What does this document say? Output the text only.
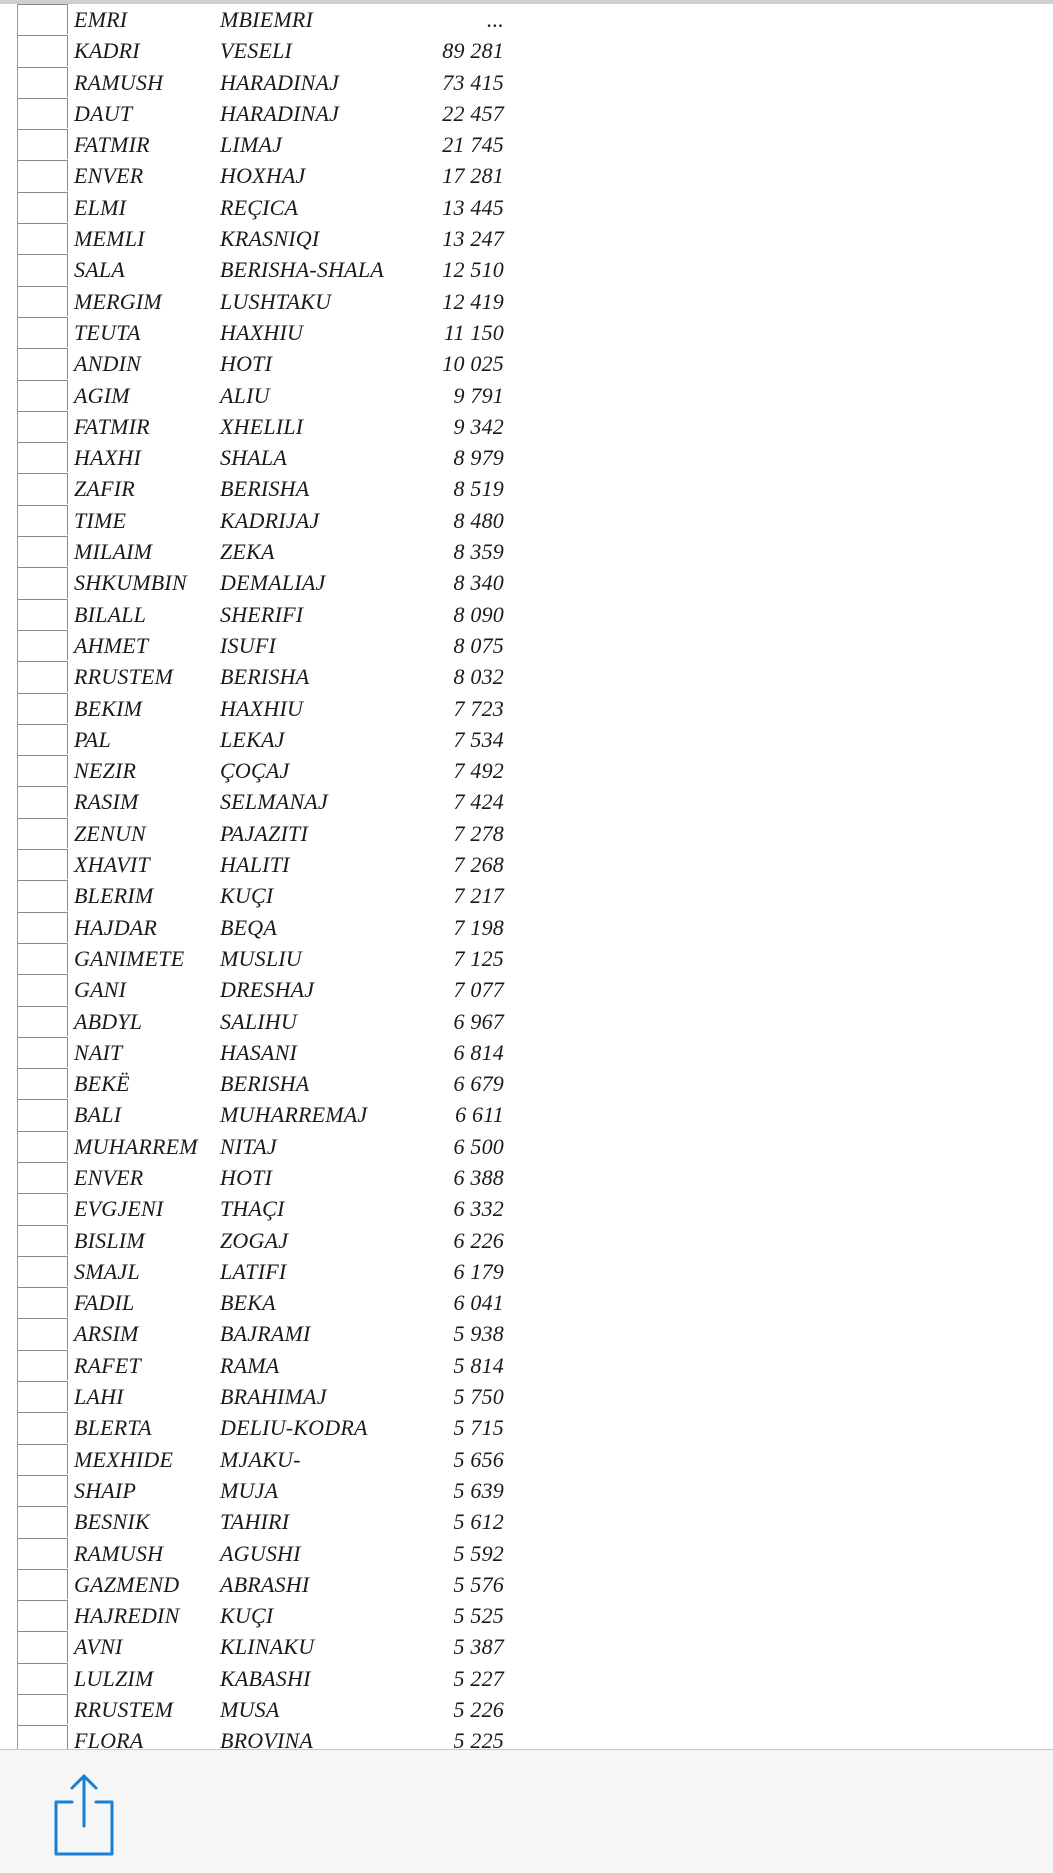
EMRI	MBIEMRI	...
KADRI	VESELI	89 281
RAMUSH	HARADINAJ	73 415
DAUT	HARADINAJ	22 457
FATMIR	LIMAJ	21 745
ENVER	HOXHAJ	17 281
ELMI	REÇICA	13 445
MEMLI	KRASNIQI	13 247
SALA	BERISHA-SHALA	12 510
MERGIM	LUSHTAKU	12 419
TEUTA	HAXHIU	11 150
ANDIN	HOTI	10 025
AGIM	ALIU	9 791
FATMIR	XHELILI	9 342
HAXHI	SHALA	8 979
ZAFIR	BERISHA	8 519
TIME	KADRIJAJ	8 480
MILAIM	ZEKA	8 359
SHKUMBIN DEMALIAJ	8 340
BILALL	SHERIFI	8 090
AHMET	ISUFI	8 075
RRUSTEM BERISHA	8 032
BEKIM	HAXHIU	7 723
PAL	LEKAJ	7 534
NEZIR	ÇOÇAJ	7 492
RASIM	SELMANAJ	7 424
ZENUN	PAJAZITI	7 278
XHAVIT	HALITI	7 268
BLERIM	KUÇI	7 217
HAJDAR	BEQA	7 198
GANIMETE MUSLIU	7 125
GANI	DRESHAJ	7 077
ABDYL	SALIHU	6 967
NAIT	HASANI	6 814
BEKË	BERISHA	6 679
BALI	MUHARREMAJ	6 611
MUHARREM NITAJ	6 500
ENVER	HOTI	6 388
EVGJENI	THAÇI	6 332
BISLIM	ZOGAJ	6 226
SMAJL	LATIFI	6 179
FADIL	BEKA	6 041
ARSIM	BAJRAMI	5 938
RAFET	RAMA	5 814
LAHI	BRAHIMAJ	5 750
BLERTA	DELIU-KODRA	5 715
MEXHIDE MJAKU-	5 656
SHAIP	MUJA	5 639
BESNIK	TAHIRI	5 612
RAMUSH	AGUSHI	5 592
GAZMEND ABRASHI	5 576
HAJREDIN KUÇI	5 525
AVNI	KLINAKU	5 387
LULZIM	KABASHI	5 227
RRUSTEM MUSA	5 226
FLORA	BROVINA	5 225
